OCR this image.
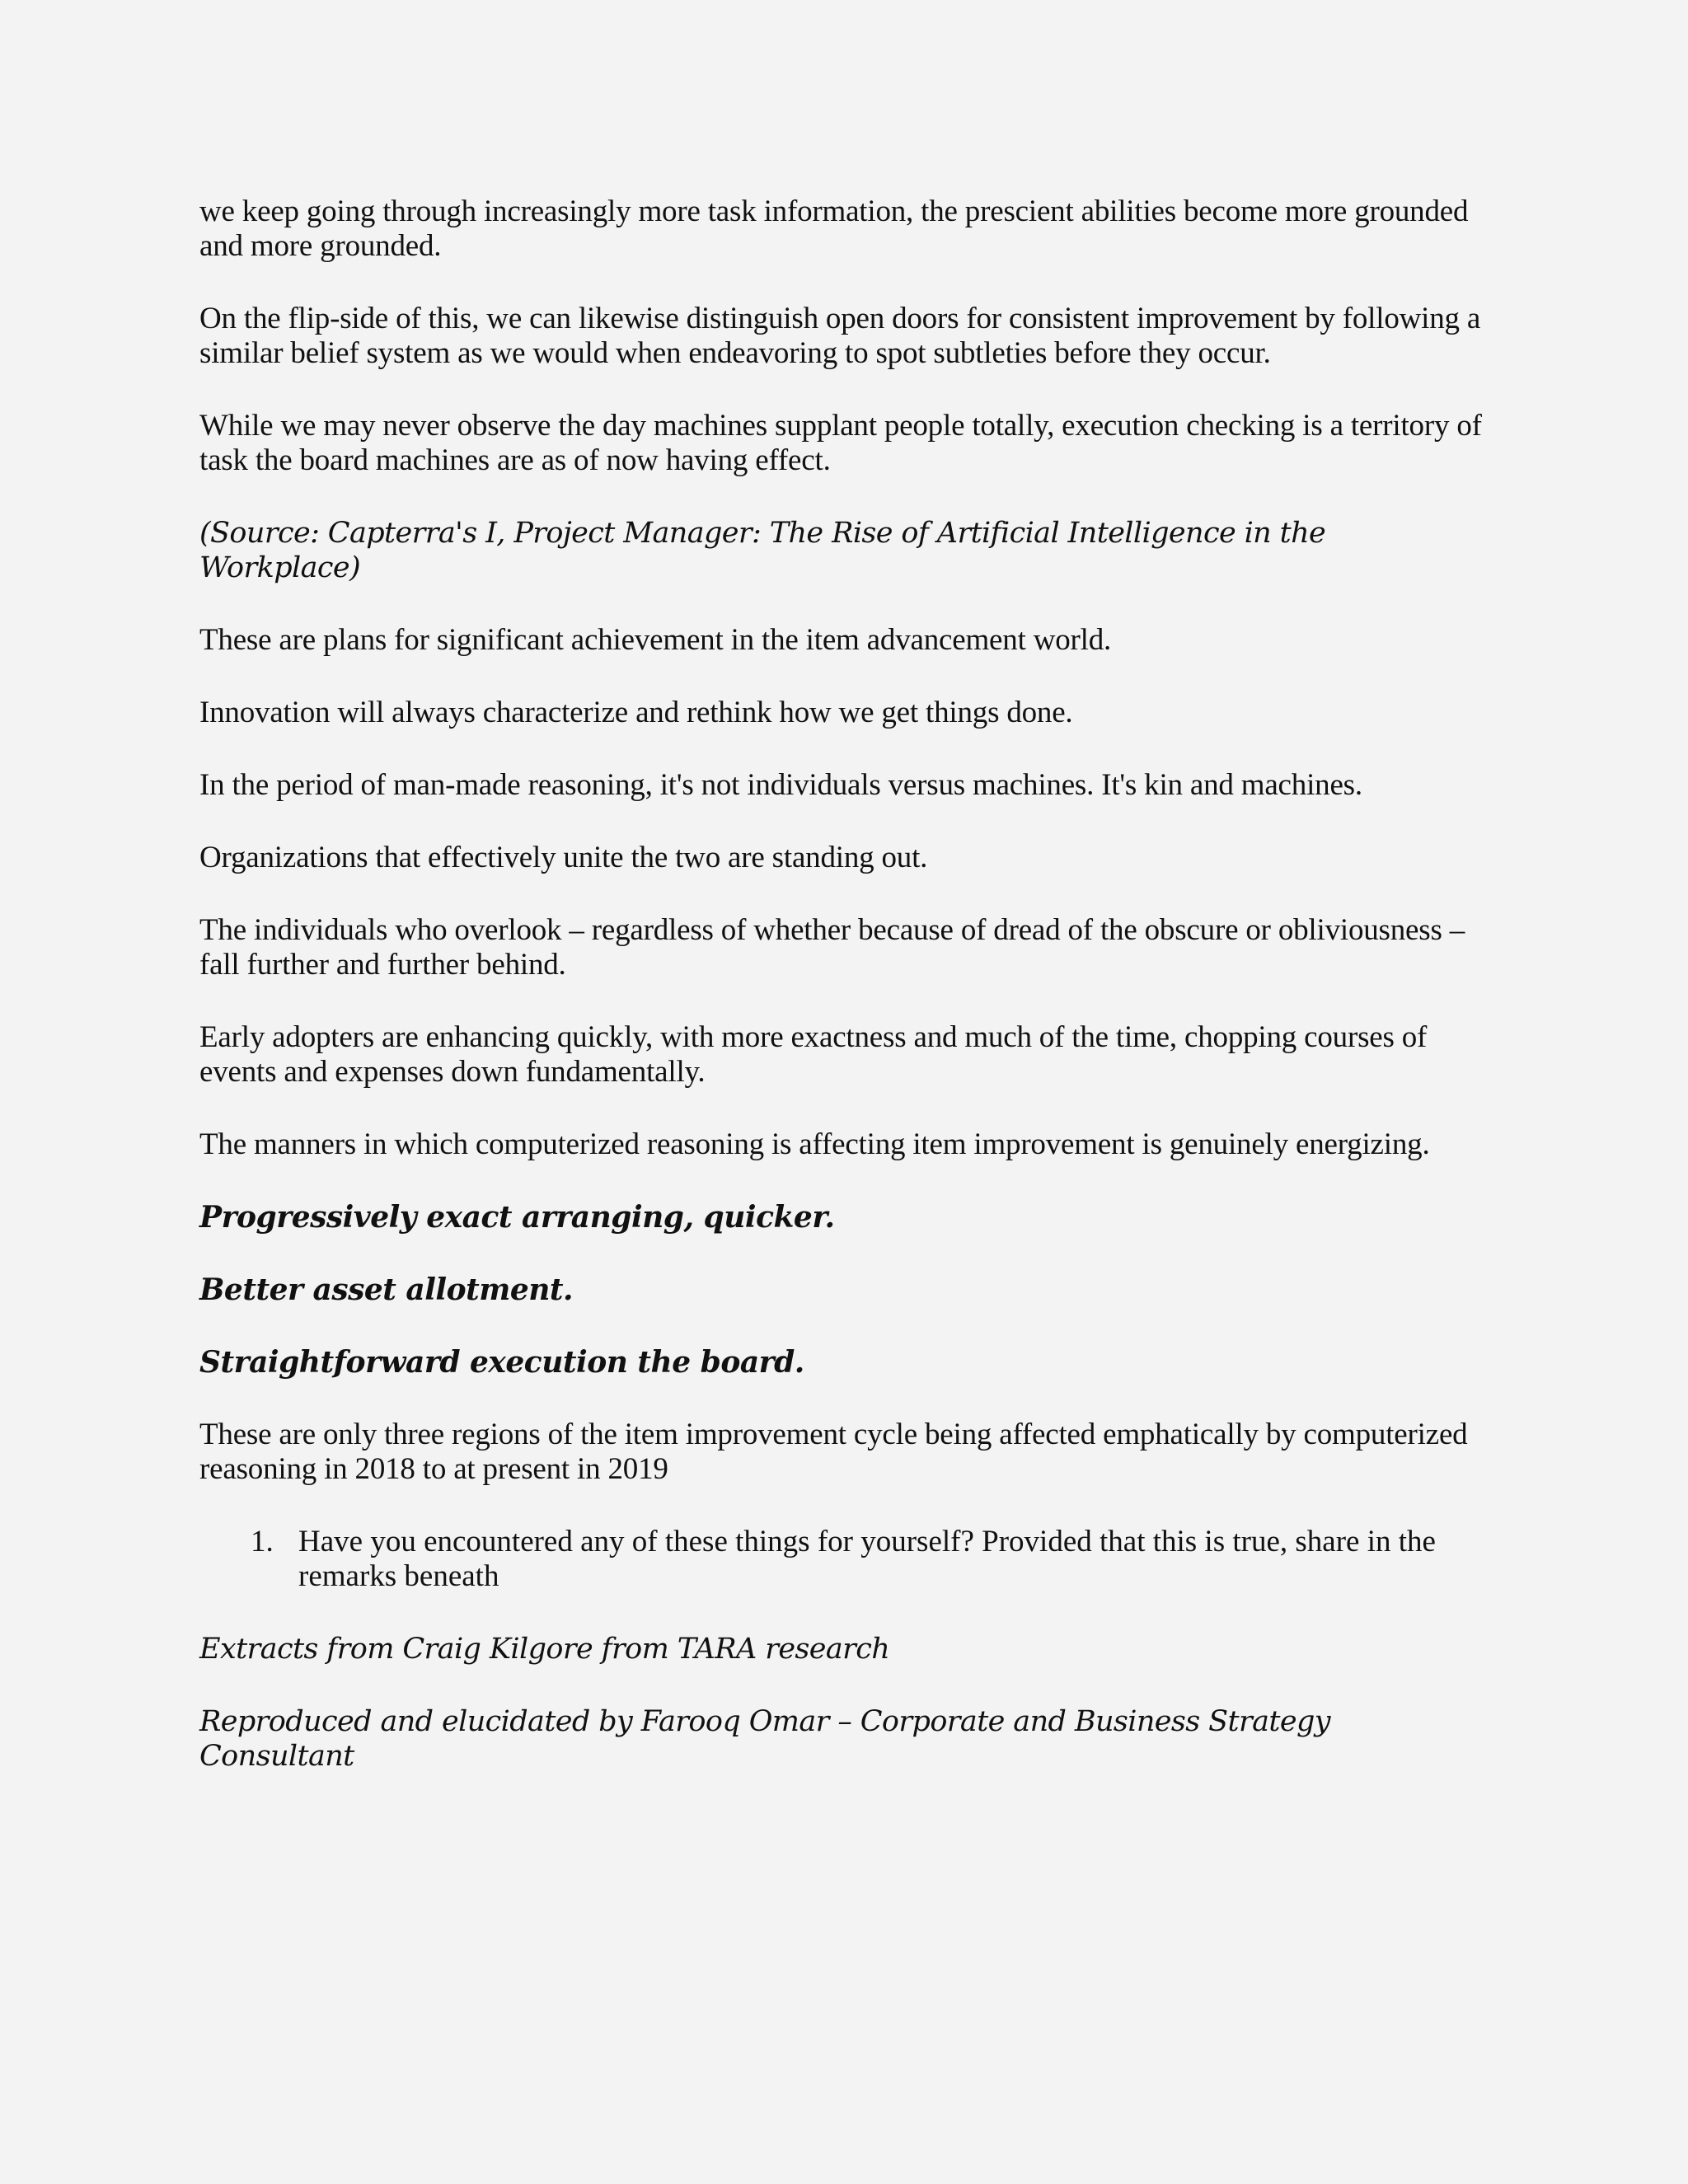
we keep going through increasingly more task information, the prescient abilities become more grounded and more grounded.

On the flip-side of this, we can likewise distinguish open doors for consistent improvement by following a similar belief system as we would when endeavoring to spot subtleties before they occur.

While we may never observe the day machines supplant people totally, execution checking is a territory of task the board machines are as of now having effect.

(Source: Capterra's I, Project Manager: The Rise of Artificial Intelligence in the Workplace)

These are plans for significant achievement in the item advancement world.

Innovation will always characterize and rethink how we get things done.

In the period of man-made reasoning, it's not individuals versus machines. It's kin and machines.

Organizations that effectively unite the two are standing out.

The individuals who overlook – regardless of whether because of dread of the obscure or obliviousness – fall further and further behind.

Early adopters are enhancing quickly, with more exactness and much of the time, chopping courses of events and expenses down fundamentally.

The manners in which computerized reasoning is affecting item improvement is genuinely energizing.

Progressively exact arranging, quicker.

Better asset allotment.

Straightforward execution the board.

These are only three regions of the item improvement cycle being affected emphatically by computerized reasoning in 2018 to at present in 2019

1. Have you encountered any of these things for yourself? Provided that this is true, share in the remarks beneath

Extracts from Craig Kilgore from TARA research

Reproduced and elucidated by Farooq Omar – Corporate and Business Strategy Consultant
